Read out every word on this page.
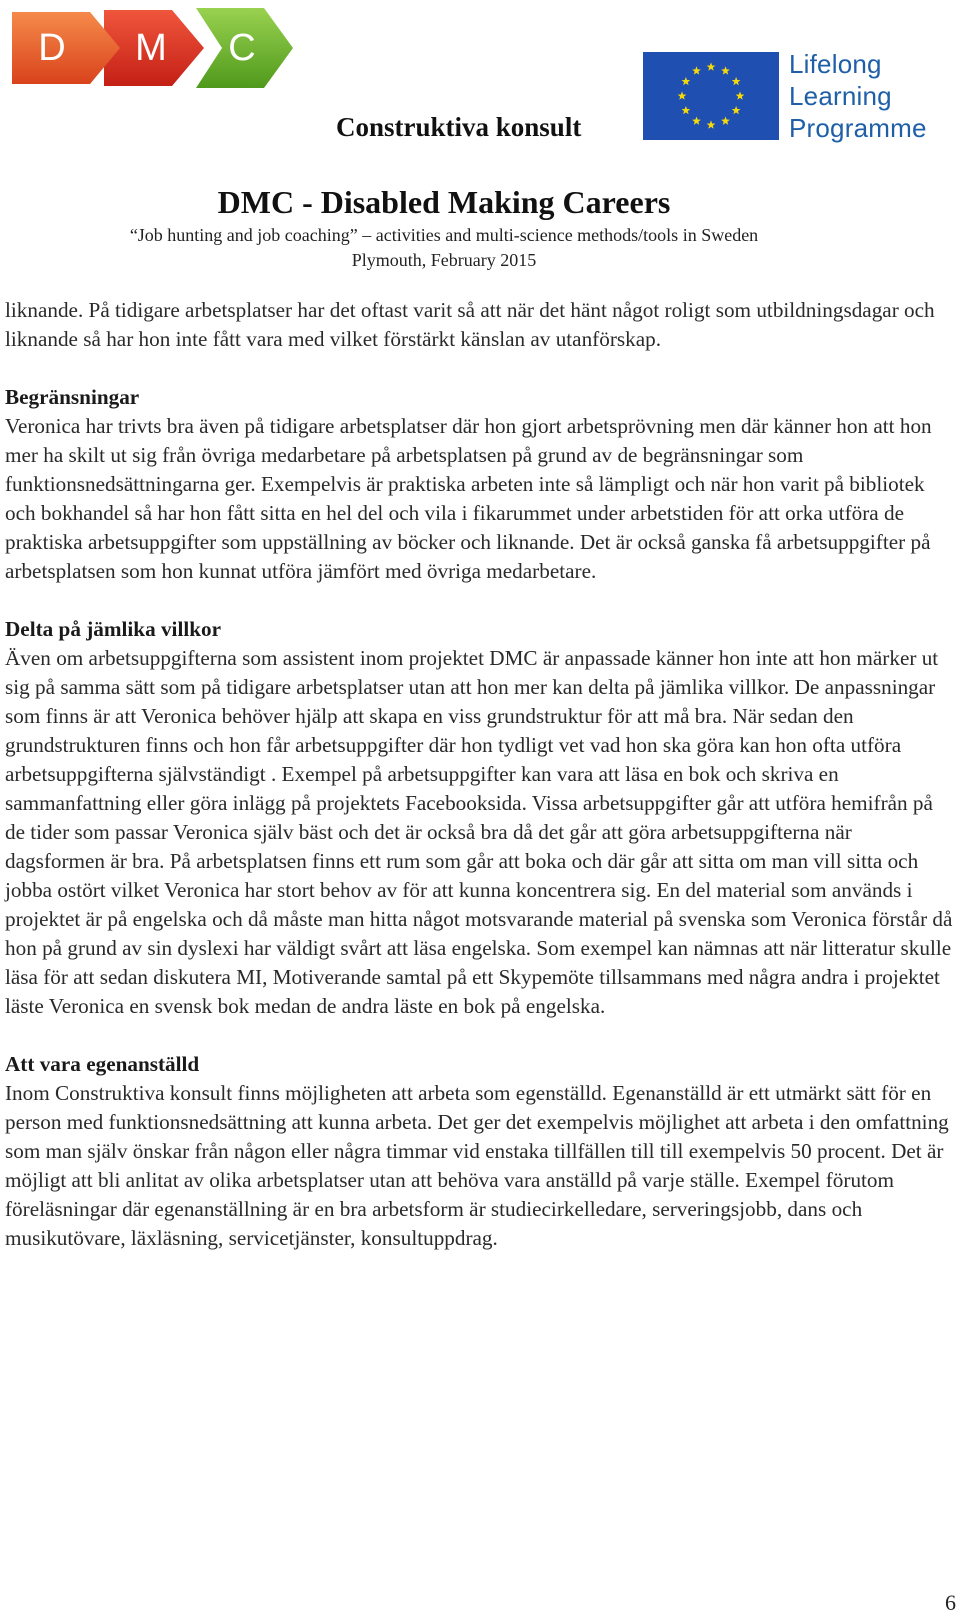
D M C	Lifelong
Learning
Programme
Construktiva konsult
DMC - Disabled Making Careers
“Job hunting and job coaching” – activities and multi-science methods/tools in Sweden
Plymouth, February 2015

liknande. På tidigare arbetsplatser har det oftast varit så att när det hänt något roligt som utbildningsdagar och liknande så har hon inte fått vara med vilket förstärkt känslan av utanförskap.

Begränsningar

Veronica har trivts bra även på tidigare arbetsplatser där hon gjort arbetsprövning men där känner hon att hon mer ha skilt ut sig från övriga medarbetare på arbetsplatsen på grund av de begränsningar som funktionsnedsättningarna ger. Exempelvis är praktiska arbeten inte så lämpligt och när hon varit på bibliotek och bokhandel så har hon fått sitta en hel del och vila i fikarummet under arbetstiden för att orka utföra de praktiska arbetsuppgifter som uppställning av böcker och liknande. Det är också ganska få arbetsuppgifter på arbetsplatsen som hon kunnat utföra jämfört med övriga medarbetare.

Delta på jämlika villkor

Även om arbetsuppgifterna som assistent inom projektet DMC är anpassade känner hon inte att hon märker ut sig på samma sätt som på tidigare arbetsplatser utan att hon mer kan delta på jämlika villkor. De anpassningar som finns är att Veronica behöver hjälp att skapa en viss grundstruktur för att må bra. När sedan den grundstrukturen finns och hon får arbetsuppgifter där hon tydligt vet vad hon ska göra kan hon ofta utföra arbetsuppgifterna självständigt . Exempel på arbetsuppgifter kan vara att läsa en bok och skriva en sammanfattning eller göra inlägg på projektets Facebooksida. Vissa arbetsuppgifter går att utföra hemifrån på de tider som passar Veronica själv bäst och det är också bra då det går att göra arbetsuppgifterna när dagsformen är bra. På arbetsplatsen finns ett rum som går att boka och där går att sitta om man vill sitta och jobba ostört vilket Veronica har stort behov av för att kunna koncentrera sig. En del material som används i projektet är på engelska och då måste man hitta något motsvarande material på svenska som Veronica förstår då hon på grund av sin dyslexi har väldigt svårt att läsa engelska. Som exempel kan nämnas att när litteratur skulle läsa för att sedan diskutera MI, Motiverande samtal på ett Skypemöte tillsammans med några andra i projektet läste Veronica en svensk bok medan de andra läste en bok på engelska.

Att vara egenanställd

Inom Construktiva konsult finns möjligheten att arbeta som egenställd. Egenanställd är ett utmärkt sätt för en person med funktionsnedsättning att kunna arbeta. Det ger det exempelvis möjlighet att arbeta i den omfattning som man själv önskar från någon eller några timmar vid enstaka tillfällen till till exempelvis 50 procent. Det är möjligt att bli anlitat av olika arbetsplatser utan att behöva vara anställd på varje ställe. Exempel förutom föreläsningar där egenanställning är en bra arbetsform är studiecirkelledare, serveringsjobb, dans och musikutövare, läxläsning, servicetjänster, konsultuppdrag.

6
